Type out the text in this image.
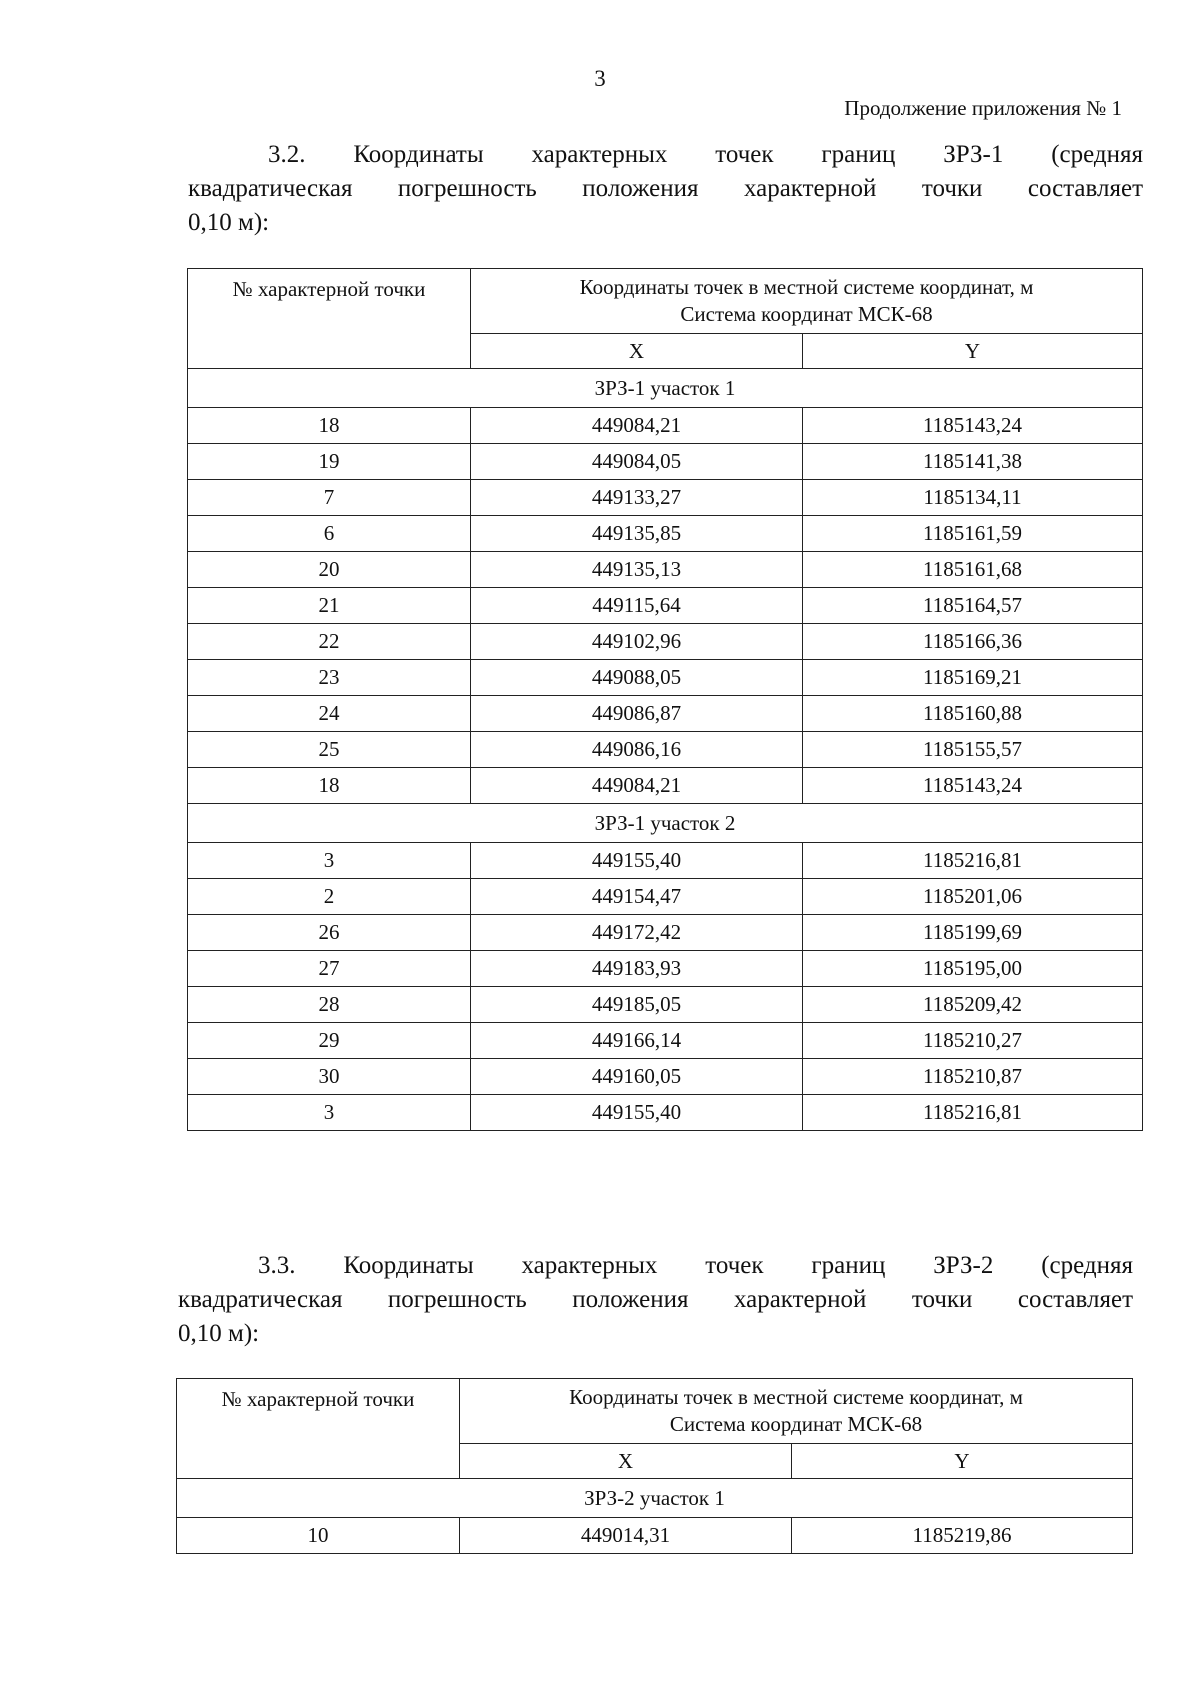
3
Продолжение приложения № 1
3.2. Координаты характерных точек границ ЗРЗ-1 (средняя
квадратическая погрешность положения характерной точки составляет
0,10 м):
№ характерной точки	Координаты точек в местной системе координат, м
Система координат МСК-68	

	X	Y
ЗРЗ-1 участок 1		
18	449084,21	1185143,24
19	449084,05	1185141,38
7	449133,27	1185134,11
6	449135,85	1185161,59
20	449135,13	1185161,68
21	449115,64	1185164,57
22	449102,96	1185166,36
23	449088,05	1185169,21
24	449086,87	1185160,88
25	449086,16	1185155,57
18	449084,21	1185143,24
ЗРЗ-1 участок 2		
3	449155,40	1185216,81
2	449154,47	1185201,06
26	449172,42	1185199,69
27	449183,93	1185195,00
28	449185,05	1185209,42
29	449166,14	1185210,27
30	449160,05	1185210,87
3	449155,40	1185216,81
3.3. Координаты характерных точек границ ЗРЗ-2 (средняя
квадратическая погрешность положения характерной точки составляет
0,10 м):
№ характерной точки	Координаты точек в местной системе координат, м
Система координат МСК-68	

	X	Y
ЗРЗ-2 участок 1		
10	449014,31	1185219,86
